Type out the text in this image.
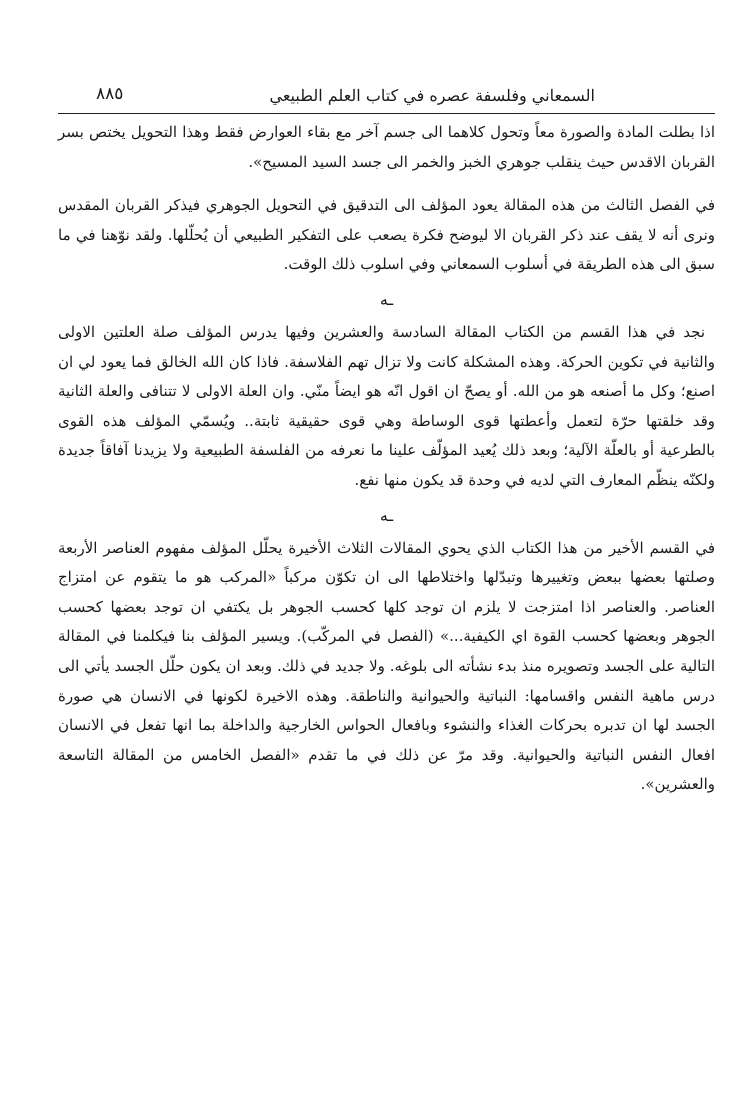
السمعاني وفلسفة عصره في كتاب العلم الطبيعي
٨٨٥

اذا بطلت المادة والصورة معاً وتحول كلاهما الى جسم آخر مع بقاء العوارض فقط وهذا التحويل يختص بسر القربان الاقدس حيث ينقلب جوهري الخبز والخمر الى جسد السيد المسيح».

في الفصل الثالث من هذه المقالة يعود المؤلف الى التدقيق في التحويل الجوهري فيذكر القربان المقدس ونرى أنه لا يقف عند ذكر القربان الا ليوضح فكرة يصعب على التفكير الطبيعي أن يُحلّلها. ولقد نوّهنا في ما سبق الى هذه الطريقة في أسلوب السمعاني وفي اسلوب ذلك الوقت.

ـه

نجد في هذا القسم من الكتاب المقالة السادسة والعشرين وفيها يدرس المؤلف صلة العلتين الاولى والثانية في تكوين الحركة. وهذه المشكلة كانت ولا تزال تهم الفلاسفة. فاذا كان الله الخالق فما يعود لي ان اصنع؛ وكل ما أصنعه هو من الله. أو يصحّ ان اقول انّه هو ايضاً منّي. وان العلة الاولى لا تتنافى والعلة الثانية وقد خلقتها حرّة لتعمل وأعطتها قوى الوساطة وهي قوى حقيقية ثابتة.. ويُسمّي المؤلف هذه القوى بالطرعية أو بالعلّة الآلية؛ وبعد ذلك يُعيد المؤلّف علينا ما نعرفه من الفلسفة الطبيعية ولا يزيدنا آفاقاً جديدة ولكنّه ينظّم المعارف التي لديه في وحدة قد يكون منها نفع.

ـه

في القسم الأخير من هذا الكتاب الذي يحوي المقالات الثلاث الأخيرة يحلّل المؤلف مفهوم العناصر الأربعة وصلتها بعضها ببعض وتغييرها وتبدّلها واختلاطها الى ان تكوّن مركباً «المركب هو ما يتقوم عن امتزاج العناصر. والعناصر اذا امتزجت لا يلزم ان توجد كلها كحسب الجوهر بل يكتفي ان توجد بعضها كحسب الجوهر وبعضها كحسب القوة اي الكيفية...» (الفصل في المركّب). ويسير المؤلف بنا فيكلمنا في المقالة التالية على الجسد وتصويره منذ بدء نشأته الى بلوغه. ولا جديد في ذلك. وبعد ان يكون حلّل الجسد يأتي الى درس ماهية النفس واقسامها: النباتية والحيوانية والناطقة. وهذه الاخيرة لكونها في الانسان هي صورة الجسد لها ان تدبره بحركات الغذاء والنشوء وبافعال الحواس الخارجية والداخلة بما انها تفعل في الانسان افعال النفس النباتية والحيوانية. وقد مرّ عن ذلك في ما تقدم «الفصل الخامس من المقالة التاسعة والعشرين».
